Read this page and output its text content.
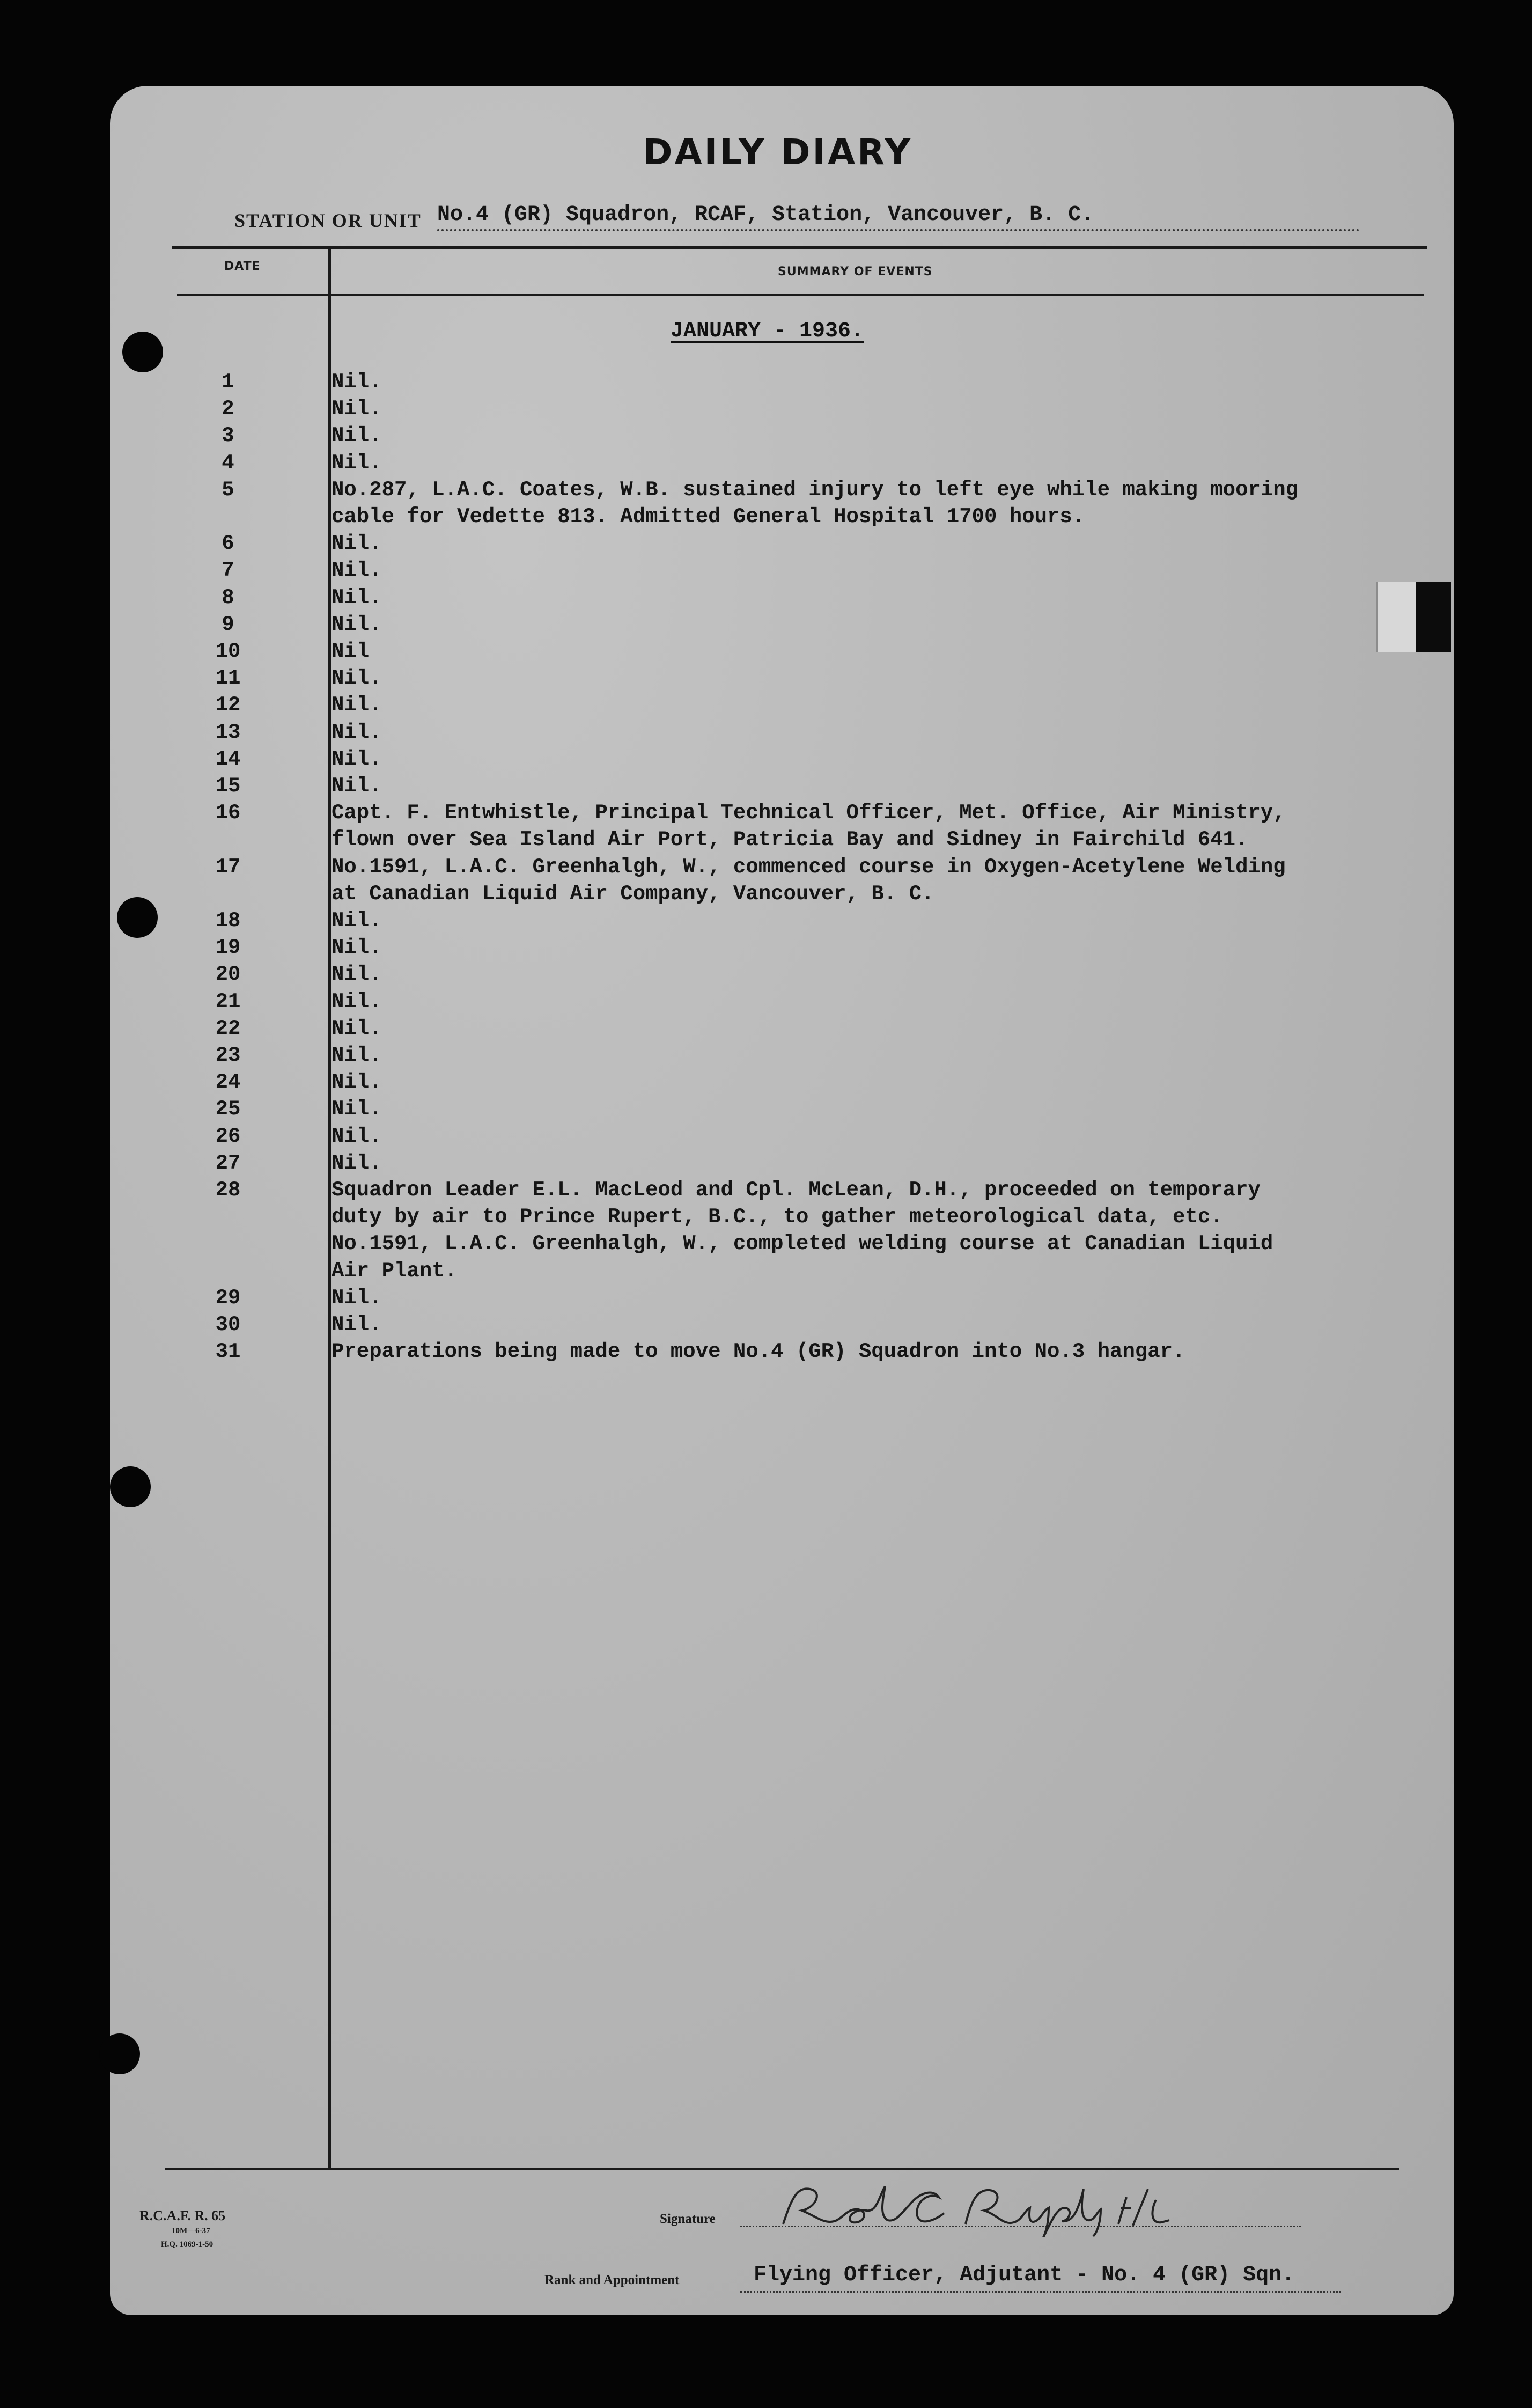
DAILY DIARY
STATION OR UNIT No.4 (GR) Squadron, RCAF, Station, Vancouver, B. C.
DATE	SUMMARY OF EVENTS
JANUARY - 1936.
1	Nil.
2	Nil.
3	Nil.
4	Nil.
5	No.287, L.A.C. Coates, W.B. sustained injury to left eye while making mooring
cable for Vedette 813. Admitted General Hospital 1700 hours.
6	Nil.
7	Nil.
8	Nil.
9	Nil.
10	Nil
11	Nil.
12	Nil.
13	Nil.
14	Nil.
15	Nil.
16	Capt. F. Entwhistle, Principal Technical Officer, Met. Office, Air Ministry,
flown over Sea Island Air Port, Patricia Bay and Sidney in Fairchild 641.
17	No.1591, L.A.C. Greenhalgh, W., commenced course in Oxygen-Acetylene Welding
at Canadian Liquid Air Company, Vancouver, B. C.
18	Nil.
19	Nil.
20	Nil.
21	Nil.
22	Nil.
23	Nil.
24	Nil.
25	Nil.
26	Nil.
27	Nil.
28	Squadron Leader E.L. MacLeod and Cpl. McLean, D.H., proceeded on temporary
duty by air to Prince Rupert, B.C., to gather meteorological data, etc.
No.1591, L.A.C. Greenhalgh, W., completed welding course at Canadian Liquid
Air Plant.
29	Nil.
30	Nil.
31	Preparations being made to move No.4 (GR) Squadron into No.3 hangar.
R.C.A.F. R. 65
10M—6-37
H.Q. 1069-1-50
Signature
Rank and Appointment	Flying Officer, Adjutant - No. 4 (GR) Sqn.
